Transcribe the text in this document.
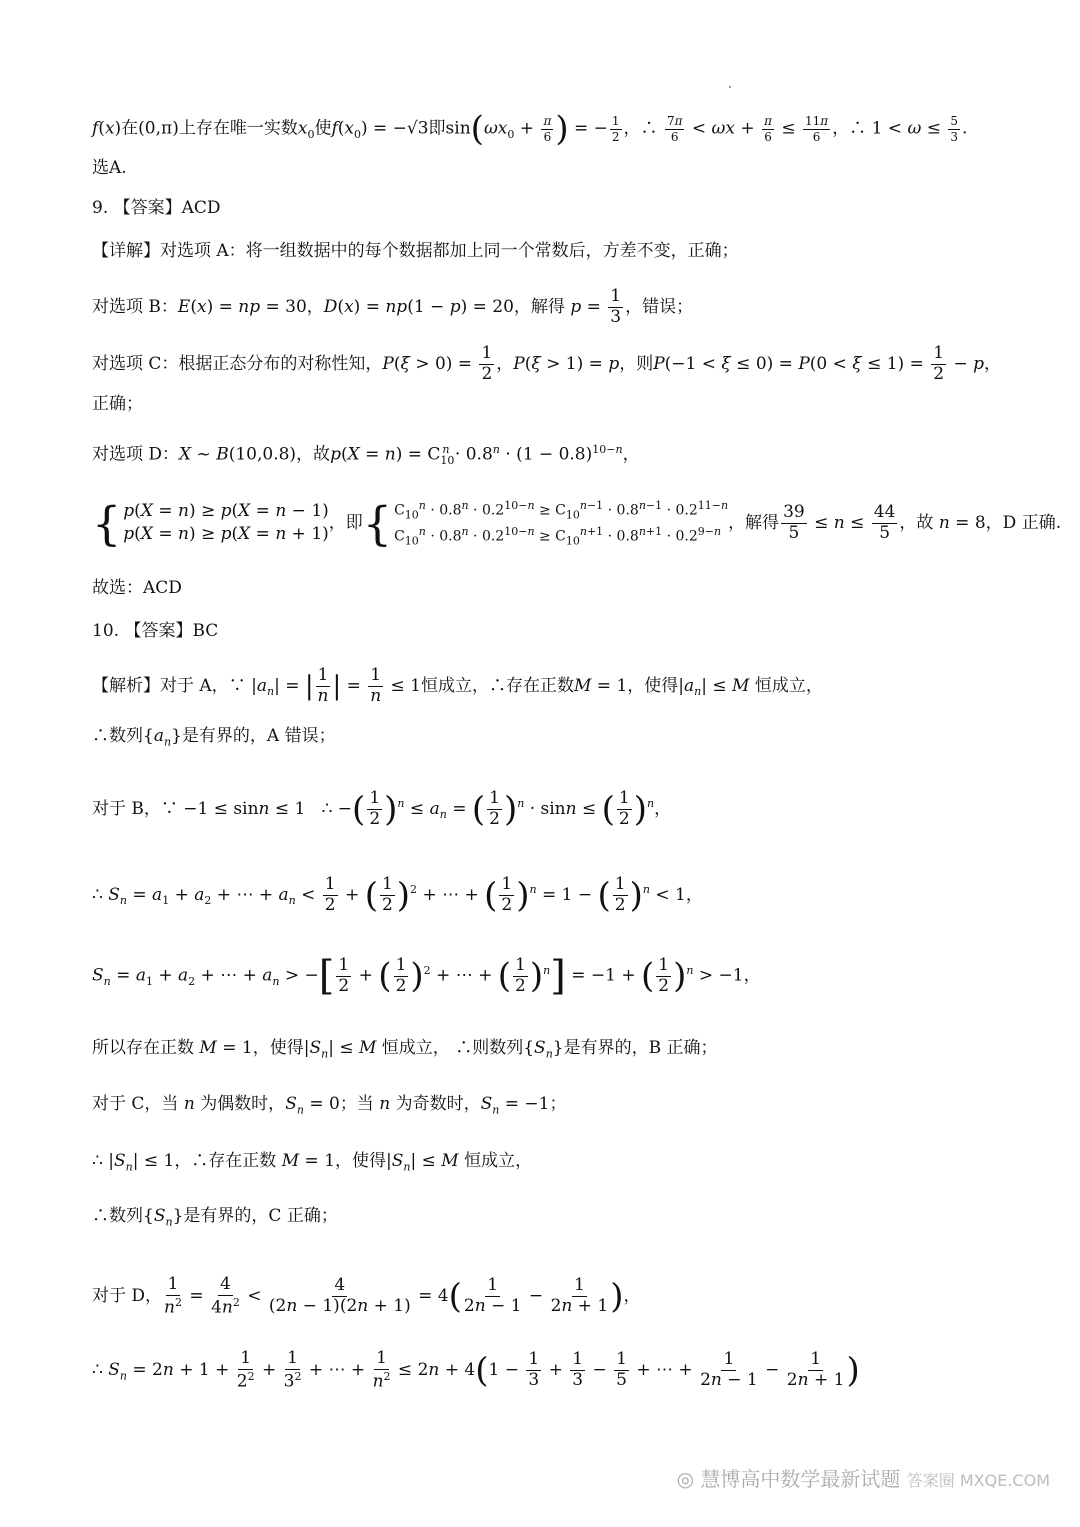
f(x)在(0,π)上存在唯一实数$x_0$使$f(x_0) = -√3$即$\sin(\omega x_0 + \frac{\pi}{6}$ ) = − $\frac{1}{2}$ ，∴ $\frac{7\pi}{6} < \omega x + \frac{\pi}{6} \le \frac{11\pi}{6}$ ，∴ $1 < \omega \le \frac{5}{3}$ .
选A.
9. 【答案】ACD
【详解】对选项 A：将一组数据中的每个数据都加上同一个常数后，方差不变，正确；
对选项 B：E(x) = np = 30，D(x) = np(1 − p) = 20，解得 $p = \frac{1}{3}$ ，错误；
对选项 C：根据正态分布的对称性知，$P(\xi > 0) = \frac{1}{2}$ ，P(ξ > 1) = p，则$P(-1 < \xi \le 0) = P(0 < \xi \le 1) = \frac{1}{2} - p$，
正确；
对选项 D：X ~ B(10,0.8)，故$p(X = n) = C_{10}^n \cdot 0.8^n \cdot (1 - 0.8)^{10-n}$，
{ p(X = n) ≥ p(X = n − 1)
p(X = n) ≥ p(X = n + 1)
，即{ $C_{10}^n \cdot 0.8^n \cdot 0.2^{10-n} \ge C_{10}^{n-1} \cdot 0.8^{n-1} \cdot 0.2^{11-n}$
$C_{10}^n \cdot 0.8^n \cdot 0.2^{10-n} \ge C_{10}^{n+1} \cdot 0.8^{n+1} \cdot 0.2^{9-n}$ ，解得 $\frac{39}{5} \le n \le \frac{44}{5}$ ，故 n = 8，D 正确.
故选：ACD
10. 【答案】BC
【解析】对于 A，∵ $|a_n|$ = | $\frac{1}{n}$ | = $\frac{1}{n} \le 1$恒成立，∴存在正数M = 1，使得$|a_n| \le M$ 恒成立，
∴数列$\{a_n\}$是有界的，A 错误；
对于 B，∵ −1 ≤ sinn ≤ 1   ∴ −( $\frac{1}{2} )^n \le a_n$ = ( $\frac{1}{2} )^n \cdot \sin n$ ≤ ( $\frac{1}{2} )^n$，
∴ $S_n = a_1 + a_2$ + ⋯ + $a_n < \frac{1}{2}$ + ( $\frac{1}{2} )^2$ + ⋯ + ( $\frac{1}{2} )^n = 1$ − ( $\frac{1}{2} )^n < 1$，
$S_n = a_1 + a_2$ + ⋯ + $a_n$ > −[ $\frac{1}{2}$ + ( $\frac{1}{2} )^2$ + ⋯ + ( $\frac{1}{2} )^n] = -1$ + ( $\frac{1}{2} )^n > -1$，
所以存在正数 M = 1，使得$|S_n| \le M$ 恒成立， ∴则数列$\{S_n\}$是有界的，B 正确；
对于 C，当 n 为偶数时，$S_n = 0$；当 n 为奇数时，$S_n = -1$；
∴ $|S_n| \le 1$，∴存在正数 M = 1，使得$|S_n| \le M$ 恒成立，
∴数列$\{S_n\}$是有界的，C 正确；
对于 D， $\frac{1}{n^2} = \frac{4}{4n^2} < \frac{4}{(2n - 1)(2n + 1)} = 4( \frac{1}{2n - 1} - \frac{1}{2n + 1}$ )，
∴ $S_n = 2n + 1 + \frac{1}{2^2} + \frac{1}{3^2}$ + ⋯ + $\frac{1}{n^2} \le 2n + 4(1 - \frac{1}{3} + \frac{1}{3} - \frac{1}{5}$ + ⋯ + $\frac{1}{2n - 1} - \frac{1}{2n + 1}$ )
◎ 慧博高中数学最新试题 答案圈 MXQE.COM
